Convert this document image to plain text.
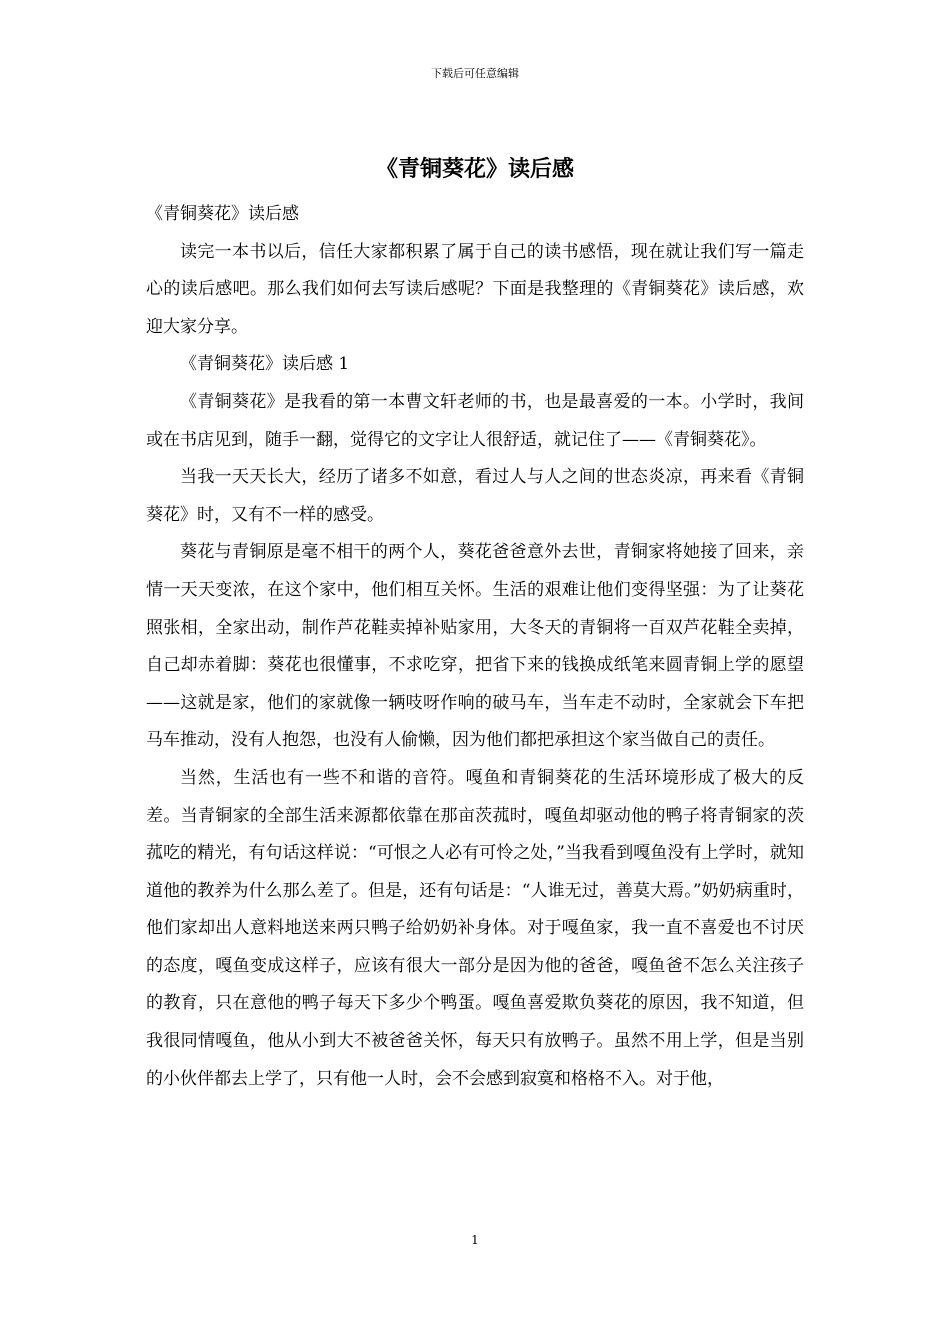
下载后可任意编辑
《青铜葵花》读后感

《青铜葵花》读后感

读完一本书以后，信任大家都积累了属于自己的读书感悟，现在就让我们写一篇走心的读后感吧。那么我们如何去写读后感呢？下面是我整理的《青铜葵花》读后感，欢迎大家分享。

《青铜葵花》读后感 1

《青铜葵花》是我看的第一本曹文轩老师的书，也是最喜爱的一本。小学时，我间或在书店见到，随手一翻，觉得它的文字让人很舒适，就记住了——《青铜葵花》。

当我一天天长大，经历了诸多不如意，看过人与人之间的世态炎凉，再来看《青铜葵花》时，又有不一样的感受。

葵花与青铜原是毫不相干的两个人，葵花爸爸意外去世，青铜家将她接了回来，亲情一天天变浓，在这个家中，他们相互关怀。生活的艰难让他们变得坚强：为了让葵花照张相，全家出动，制作芦花鞋卖掉补贴家用，大冬天的青铜将一百双芦花鞋全卖掉，自己却赤着脚：葵花也很懂事，不求吃穿，把省下来的钱换成纸笔来圆青铜上学的愿望——这就是家，他们的家就像一辆吱呀作响的破马车，当车走不动时，全家就会下车把马车推动，没有人抱怨，也没有人偷懒，因为他们都把承担这个家当做自己的责任。

当然，生活也有一些不和谐的音符。嘎鱼和青铜葵花的生活环境形成了极大的反差。当青铜家的全部生活来源都依靠在那亩茨菰时，嘎鱼却驱动他的鸭子将青铜家的茨菰吃的精光，有句话这样说：“可恨之人必有可怜之处，”当我看到嘎鱼没有上学时，就知道他的教养为什么那么差了。但是，还有句话是：“人谁无过，善莫大焉。”奶奶病重时，他们家却出人意料地送来两只鸭子给奶奶补身体。对于嘎鱼家，我一直不喜爱也不讨厌的态度，嘎鱼变成这样子，应该有很大一部分是因为他的爸爸，嘎鱼爸不怎么关注孩子的教育，只在意他的鸭子每天下多少个鸭蛋。嘎鱼喜爱欺负葵花的原因，我不知道，但我很同情嘎鱼，他从小到大不被爸爸关怀，每天只有放鸭子。虽然不用上学，但是当别的小伙伴都去上学了，只有他一人时，会不会感到寂寞和格格不入。对于他，

1
